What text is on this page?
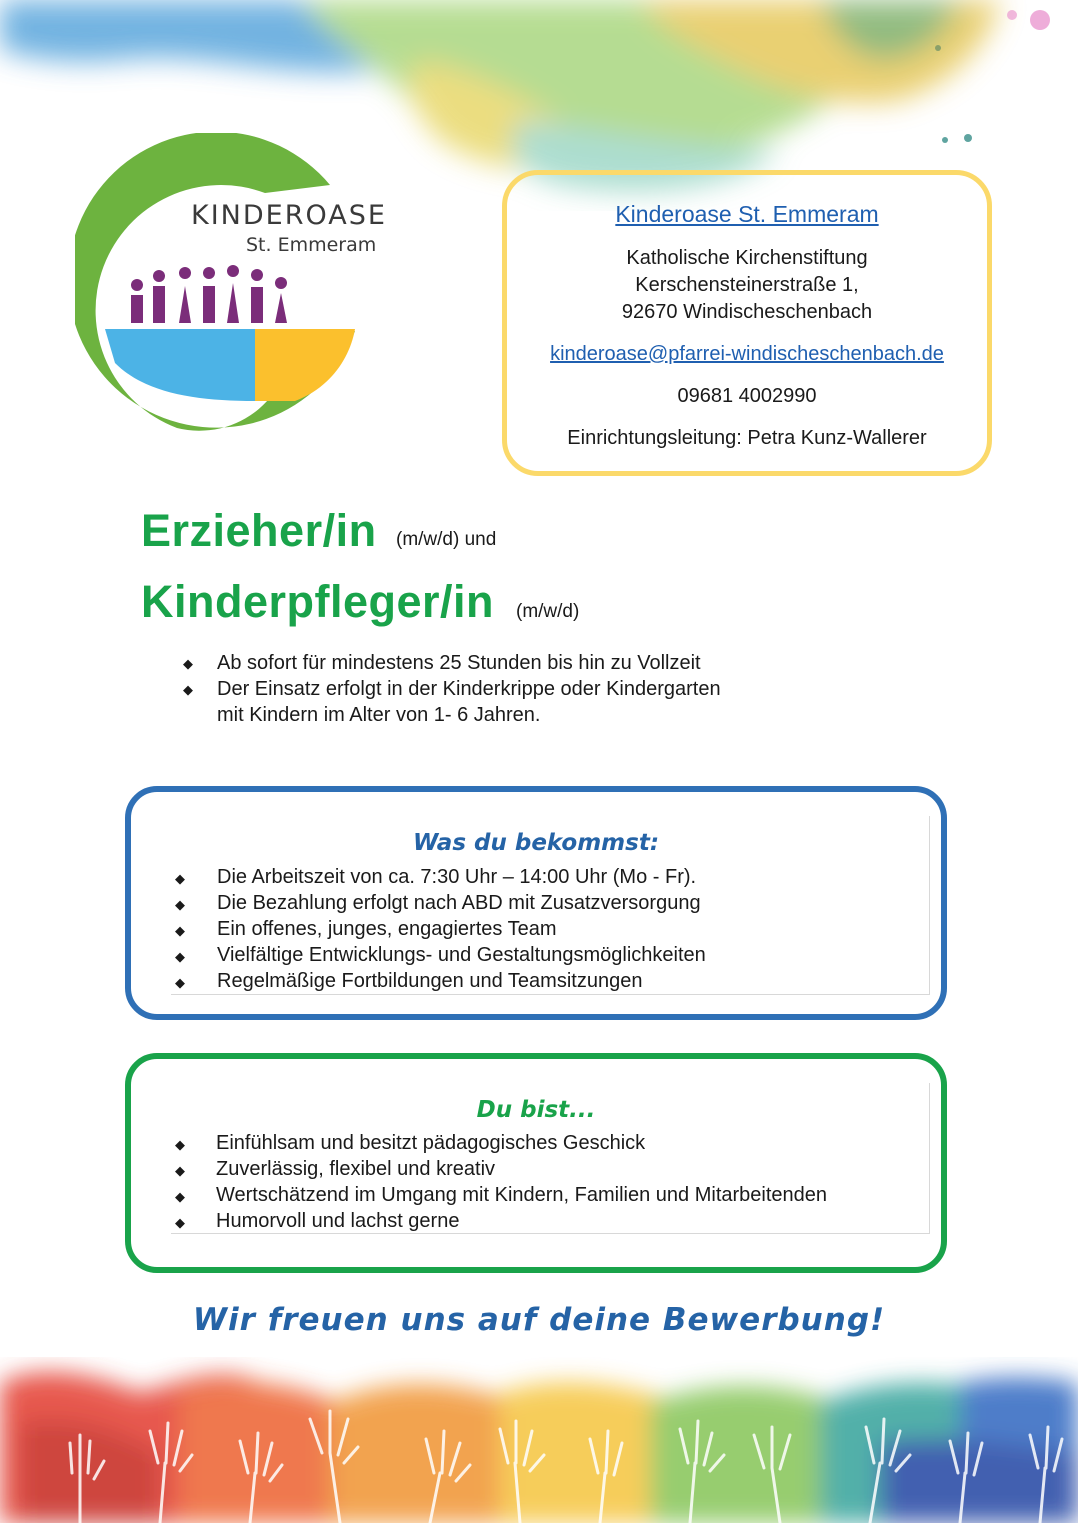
KINDEROASE
St. Emmeram
Kinderoase St. Emmeram
Katholische Kirchenstiftung
Kerschensteinerstraße 1,
92670 Windischeschenbach
kinderoase@pfarrei-windischeschenbach.de
09681 4002990
Einrichtungsleitung: Petra Kunz-Wallerer
Erzieher/in (m/w/d) und
Kinderpfleger/in (m/w/d)
◆ Ab sofort für mindestens 25 Stunden bis hin zu Vollzeit
◆ Der Einsatz erfolgt in der Kinderkrippe oder Kindergarten
mit Kindern im Alter von 1- 6 Jahren.
Was du bekommst:
◆ Die Arbeitszeit von ca. 7:30 Uhr – 14:00 Uhr (Mo - Fr).
◆ Die Bezahlung erfolgt nach ABD mit Zusatzversorgung
◆ Ein offenes, junges, engagiertes Team
◆ Vielfältige Entwicklungs- und Gestaltungsmöglichkeiten
◆ Regelmäßige Fortbildungen und Teamsitzungen
Du bist...
◆ Einfühlsam und besitzt pädagogisches Geschick
◆ Zuverlässig, flexibel und kreativ
◆ Wertschätzend im Umgang mit Kindern, Familien und Mitarbeitenden
◆ Humorvoll und lachst gerne
Wir freuen uns auf deine Bewerbung!
